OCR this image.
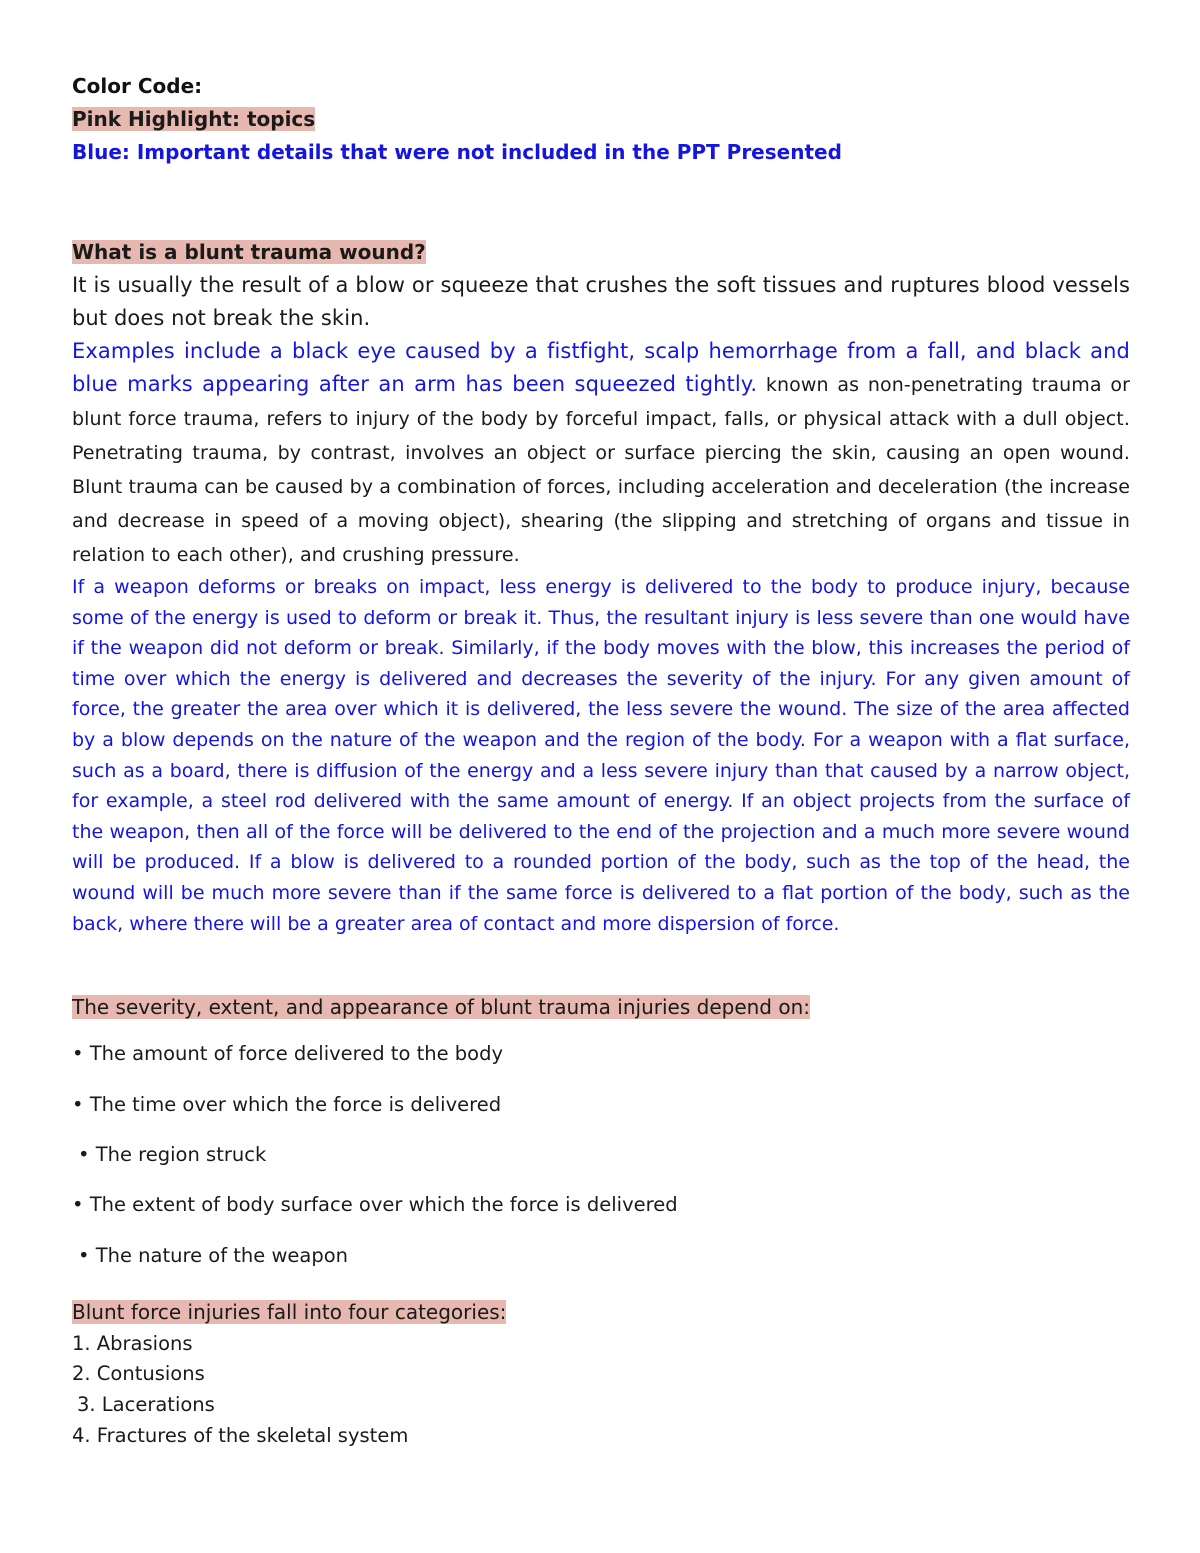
Color Code:
Pink Highlight: topics
Blue: Important details that were not included in the PPT Presented
What is a blunt trauma wound?

It is usually the result of a blow or squeeze that crushes the soft tissues and ruptures blood vessels but does not break the skin.

Examples include a black eye caused by a fistfight, scalp hemorrhage from a fall, and black and blue marks appearing after an arm has been squeezed tightly. known as non-penetrating trauma or blunt force trauma, refers to injury of the body by forceful impact, falls, or physical attack with a dull object. Penetrating trauma, by contrast, involves an object or surface piercing the skin, causing an open wound. Blunt trauma can be caused by a combination of forces, including acceleration and deceleration (the increase and decrease in speed of a moving object), shearing (the slipping and stretching of organs and tissue in relation to each other), and crushing pressure.

If a weapon deforms or breaks on impact, less energy is delivered to the body to produce injury, because some of the energy is used to deform or break it. Thus, the resultant injury is less severe than one would have if the weapon did not deform or break. Similarly, if the body moves with the blow, this increases the period of time over which the energy is delivered and decreases the severity of the injury. For any given amount of force, the greater the area over which it is delivered, the less severe the wound. The size of the area affected by a blow depends on the nature of the weapon and the region of the body. For a weapon with a flat surface, such as a board, there is diffusion of the energy and a less severe injury than that caused by a narrow object, for example, a steel rod delivered with the same amount of energy. If an object projects from the surface of the weapon, then all of the force will be delivered to the end of the projection and a much more severe wound will be produced. If a blow is delivered to a rounded portion of the body, such as the top of the head, the wound will be much more severe than if the same force is delivered to a flat portion of the body, such as the back, where there will be a greater area of contact and more dispersion of force.

The severity, extent, and appearance of blunt trauma injuries depend on:
• The amount of force delivered to the body
• The time over which the force is delivered
• The region struck
• The extent of body surface over which the force is delivered
• The nature of the weapon
Blunt force injuries fall into four categories:
1. Abrasions
2. Contusions
3. Lacerations
4. Fractures of the skeletal system
